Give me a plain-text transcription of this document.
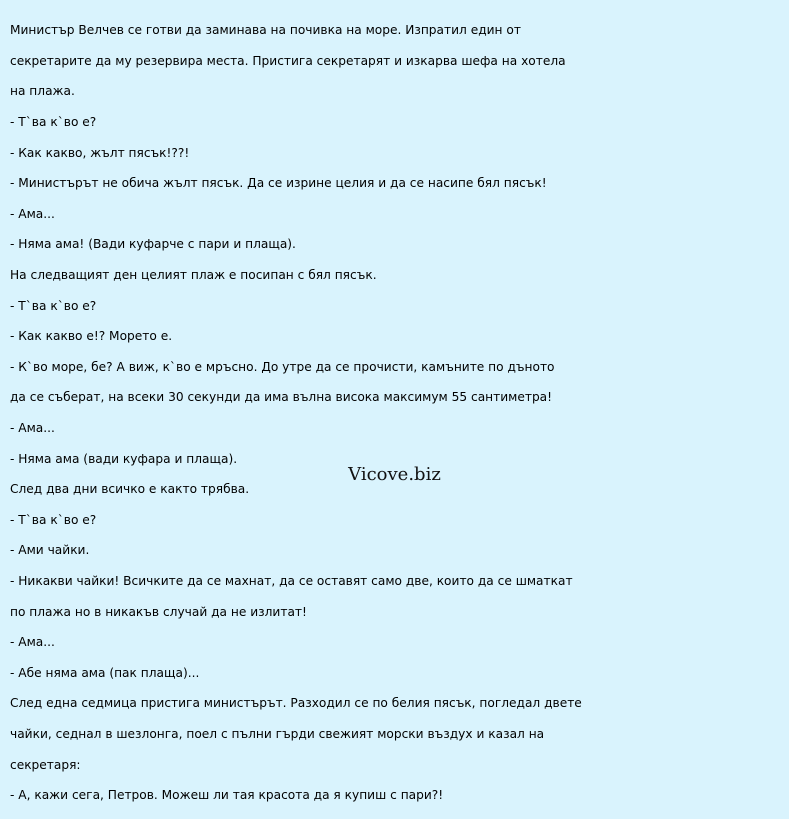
Министър Велчев се готви да заминава на почивка на море. Изпратил един от

секретарите да му резервира места. Пристига секретарят и изкарва шефа на хотела

на плажа.

- Т`ва к`во е?

- Как какво, жълт пясък!??!

- Министърът не обича жълт пясък. Да се изрине целия и да се насипе бял пясък!

- Ама...

- Няма ама! (Вади куфарче с пари и плаща).

На следващият ден целият плаж е посипан с бял пясък.

- Т`ва к`во е?

- Как какво е!? Морето е.

- К`во море, бе? А виж, к`во е мръсно. До утре да се прочисти, камъните по дъното

да се съберат, на всеки 30 секунди да има вълна висока максимум 55 сантиметра!

- Ама...

- Няма ама (вади куфара и плаща).

След два дни всичко е както трябва.

- Т`ва к`во е?

- Ами чайки.

- Никакви чайки! Всичките да се махнат, да се оставят само две, които да се шматкат

по плажа но в никакъв случай да не излитат!

- Ама...

- Абе няма ама (пак плаща)...

След една седмица пристига министърът. Разходил се по белия пясък, погледал двете

чайки, седнал в шезлонга, поел с пълни гърди свежият морски въздух и казал на

секретаря:

- А, кажи сега, Петров. Можеш ли тая красота да я купиш с пари?!

Vicove.biz
